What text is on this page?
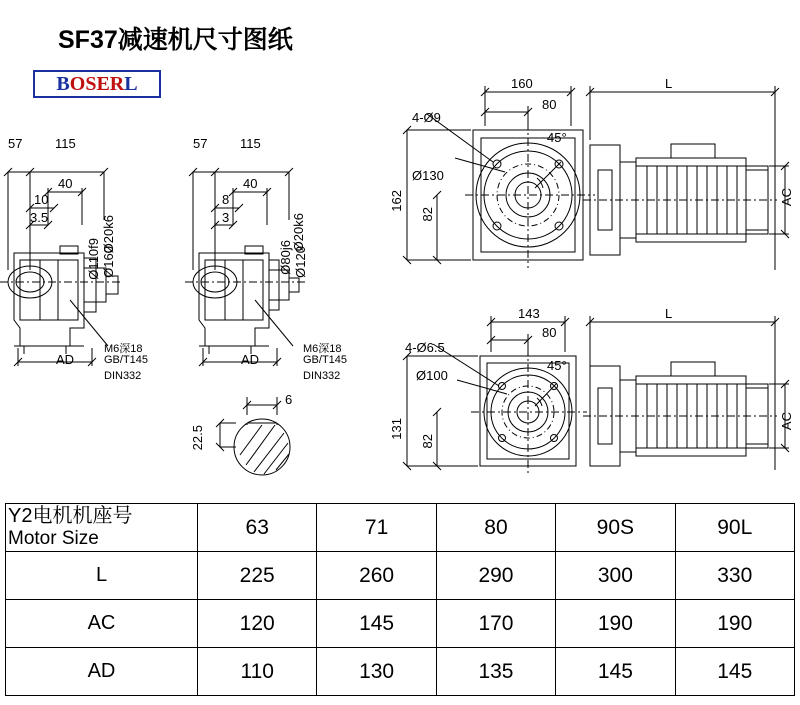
SF37减速机尺寸图纸
B OSER L
57	115
40
10
3.5	Ø20k6
Ø110f9 Ø160
AD
M6深18
GB/T145
DIN332
57	115
40
8
3	Ø20k6
Ø80j6 Ø120
AD
M6深18
GB/T145
DIN332
6
22.5
160
80
45°
4-Ø9
Ø130
162
82
L
AC
143
80
45°
4-Ø6.5
Ø100
131
82
L
AC
Y2电机机座号
Motor Size	63	71	80	90S	90L
L	225	260	290	300	330
AC	120	145	170	190	190
AD	110	130	135	145	145
